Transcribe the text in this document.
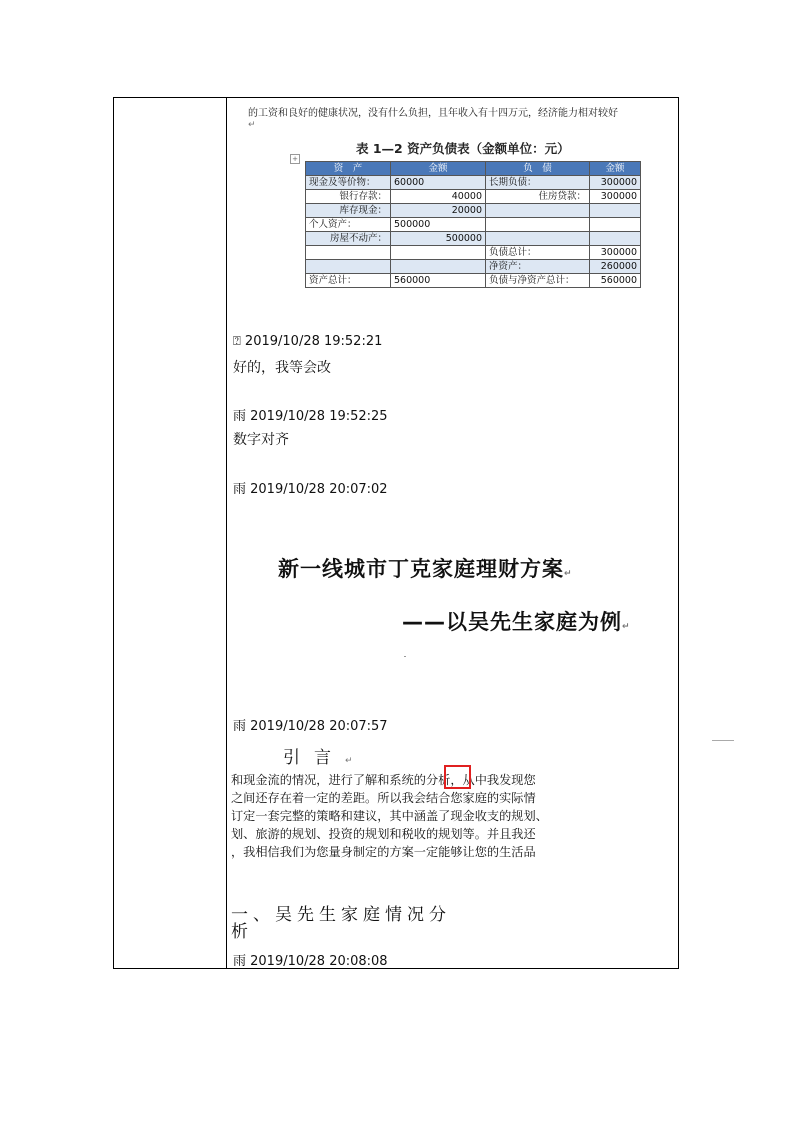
的工资和良好的健康状况，没有什么负担，且年收入有十四万元，经济能力相对较好
↵
表 1—2 资产负债表（金额单位：元）
+
资　产	金额	负　债	金额
现金及等价物：	60000	长期负债：	300000
银行存款：	40000	住房贷款：	300000
库存现金：	20000		
个人资产：	500000		
房屋不动产：	500000		
		负债总计：	300000
		净资产：	260000
资产总计：	560000	负债与净资产总计：	560000
⍰ 2019/10/28 19:52:21
好的，我等会改
雨 2019/10/28 19:52:25
数字对齐
雨 2019/10/28 20:07:02
新一线城市丁克家庭理财方案↵
——以吴先生家庭为例↵
雨 2019/10/28 20:07:57
引言↵
和现金流的情况，进行了解和系统的分析，从中我发现您
之间还存在着一定的差距。所以我会结合您家庭的实际情
订定一套完整的策略和建议，其中涵盖了现金收支的规划、
划、旅游的规划、投资的规划和税收的规划等。并且我还
，我相信我们为您量身制定的方案一定能够让您的生活品
一、吴先生家庭情况分析
雨 2019/10/28 20:08:08
